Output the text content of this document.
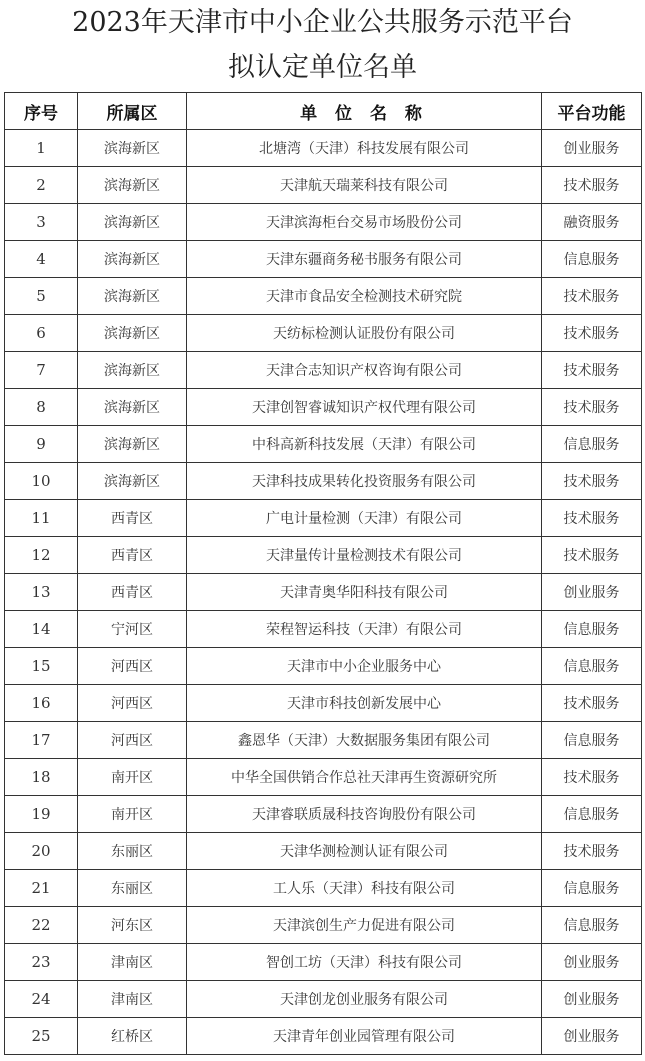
2023年天津市中小企业公共服务示范平台
拟认定单位名单
序号	所属区	单 位 名 称	平台功能
1	滨海新区	北塘湾（天津）科技发展有限公司	创业服务
2	滨海新区	天津航天瑞莱科技有限公司	技术服务
3	滨海新区	天津滨海柜台交易市场股份公司	融资服务
4	滨海新区	天津东疆商务秘书服务有限公司	信息服务
5	滨海新区	天津市食品安全检测技术研究院	技术服务
6	滨海新区	天纺标检测认证股份有限公司	技术服务
7	滨海新区	天津合志知识产权咨询有限公司	技术服务
8	滨海新区	天津创智睿诚知识产权代理有限公司	技术服务
9	滨海新区	中科高新科技发展（天津）有限公司	信息服务
10	滨海新区	天津科技成果转化投资服务有限公司	技术服务
11	西青区	广电计量检测（天津）有限公司	技术服务
12	西青区	天津量传计量检测技术有限公司	技术服务
13	西青区	天津青奥华阳科技有限公司	创业服务
14	宁河区	荣程智运科技（天津）有限公司	信息服务
15	河西区	天津市中小企业服务中心	信息服务
16	河西区	天津市科技创新发展中心	技术服务
17	河西区	鑫恩华（天津）大数据服务集团有限公司	信息服务
18	南开区	中华全国供销合作总社天津再生资源研究所	技术服务
19	南开区	天津睿联质晟科技咨询股份有限公司	信息服务
20	东丽区	天津华测检测认证有限公司	技术服务
21	东丽区	工人乐（天津）科技有限公司	信息服务
22	河东区	天津滨创生产力促进有限公司	信息服务
23	津南区	智创工坊（天津）科技有限公司	创业服务
24	津南区	天津创龙创业服务有限公司	创业服务
25	红桥区	天津青年创业园管理有限公司	创业服务
